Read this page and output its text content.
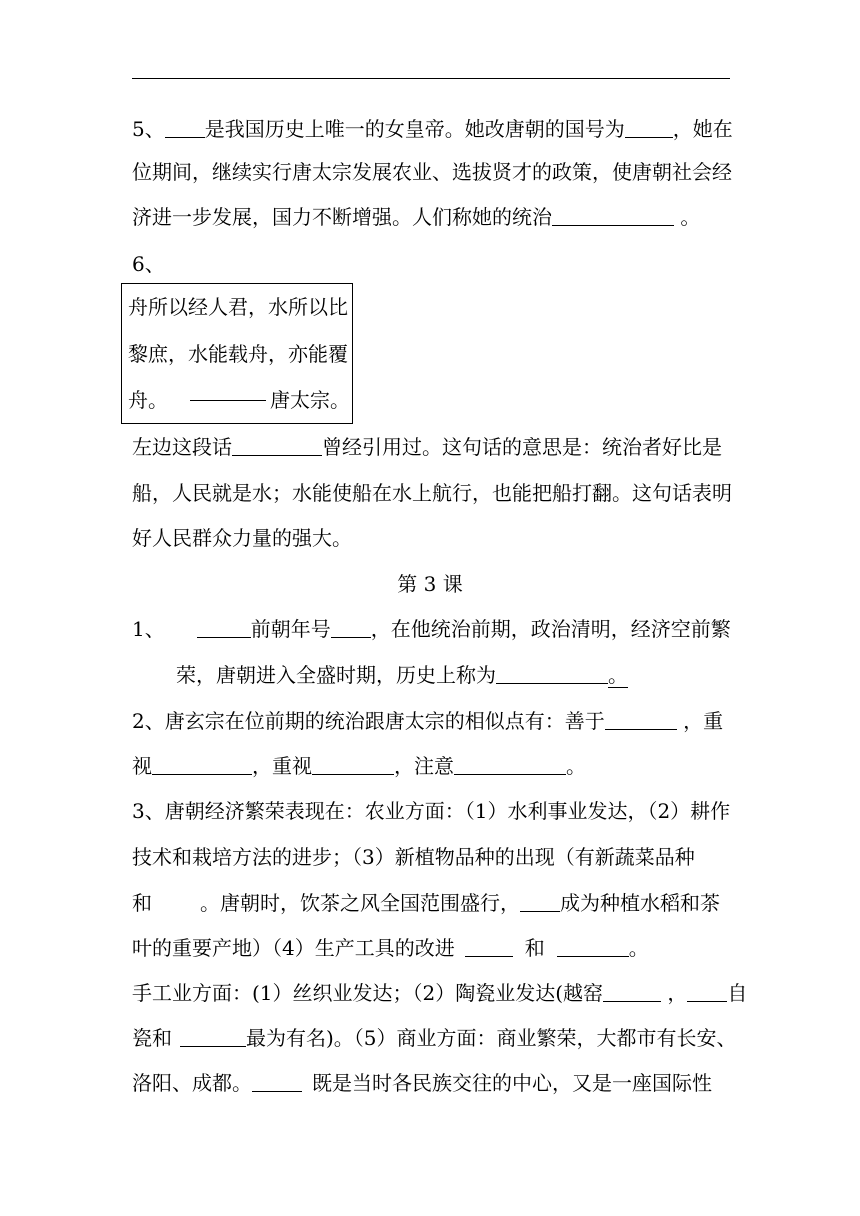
5、 是我国历史上唯一的女皇帝。她改唐朝的国号为 ，她在
位期间，继续实行唐太宗发展农业、选拔贤才的政策，使唐朝社会经
济进一步发展，国力不断增强。人们称她的统治	。
6、
舟所以经人君，水所以比
黎庶，水能载舟，亦能覆
舟。	唐太宗。
左边这段话	曾经引用过。这句话的意思是：统治者好比是
船，人民就是水；水能使船在水上航行，也能把船打翻。这句话表明
好人民群众力量的强大。
第 3 课
1、	前朝年号 ，在他统治前期，政治清明，经济空前繁
荣，唐朝进入全盛时期，历史上称为	。
2、唐玄宗在位前期的统治跟唐太宗的相似点有：善于	，重
视	，重视	，注意	。
3、唐朝经济繁荣表现在：农业方面：（1）水利事业发达，（2）耕作
技术和栽培方法的进步；（3）新植物品种的出现（有新蔬菜品种
和 。唐朝时，饮茶之风全国范围盛行， 成为种植水稻和茶
叶的重要产地）（4）生产工具的改进	和	。
手工业方面：(1）丝织业发达；（2）陶瓷业发达(越窑	， 自
瓷和	最为有名)。（5）商业方面：商业繁荣，大都市有长安、
洛阳、成都。	既是当时各民族交往的中心，又是一座国际性
